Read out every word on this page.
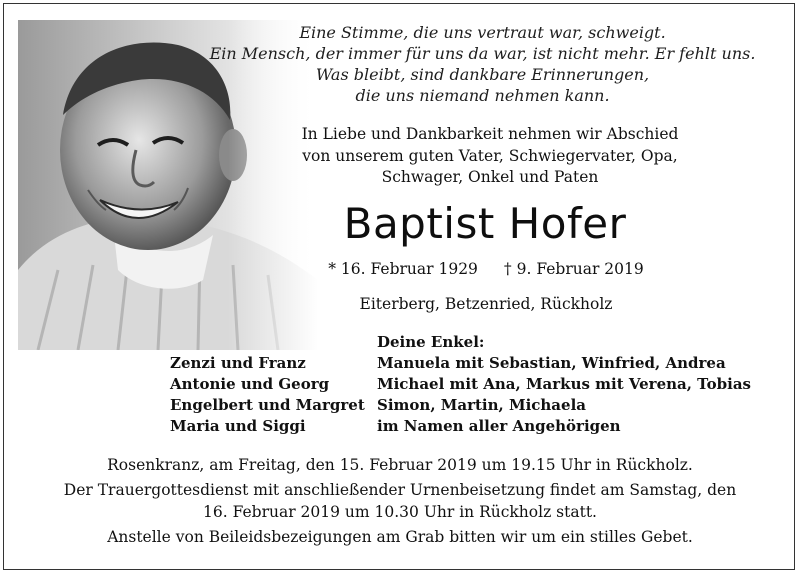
Eine Stimme, die uns vertraut war, schweigt.
Ein Mensch, der immer für uns da war, ist nicht mehr. Er fehlt uns.
Was bleibt, sind dankbare Erinnerungen,
die uns niemand nehmen kann.
In Liebe und Dankbarkeit nehmen wir Abschied
von unserem guten Vater, Schwiegervater, Opa,
Schwager, Onkel und Paten
Baptist Hofer
* 16. Februar 1929 † 9. Februar 2019
Eiterberg, Betzenried, Rückholz
Zenzi und Franz
Antonie und Georg
Engelbert und Margret
Maria und Siggi
Deine Enkel:
Manuela mit Sebastian, Winfried, Andrea
Michael mit Ana, Markus mit Verena, Tobias
Simon, Martin, Michaela
im Namen aller Angehörigen
Rosenkranz, am Freitag, den 15. Februar 2019 um 19.15 Uhr in Rückholz.
Der Trauergottesdienst mit anschließender Urnenbeisetzung findet am Samstag, den
16. Februar 2019 um 10.30 Uhr in Rückholz statt.
Anstelle von Beileidsbezeigungen am Grab bitten wir um ein stilles Gebet.
